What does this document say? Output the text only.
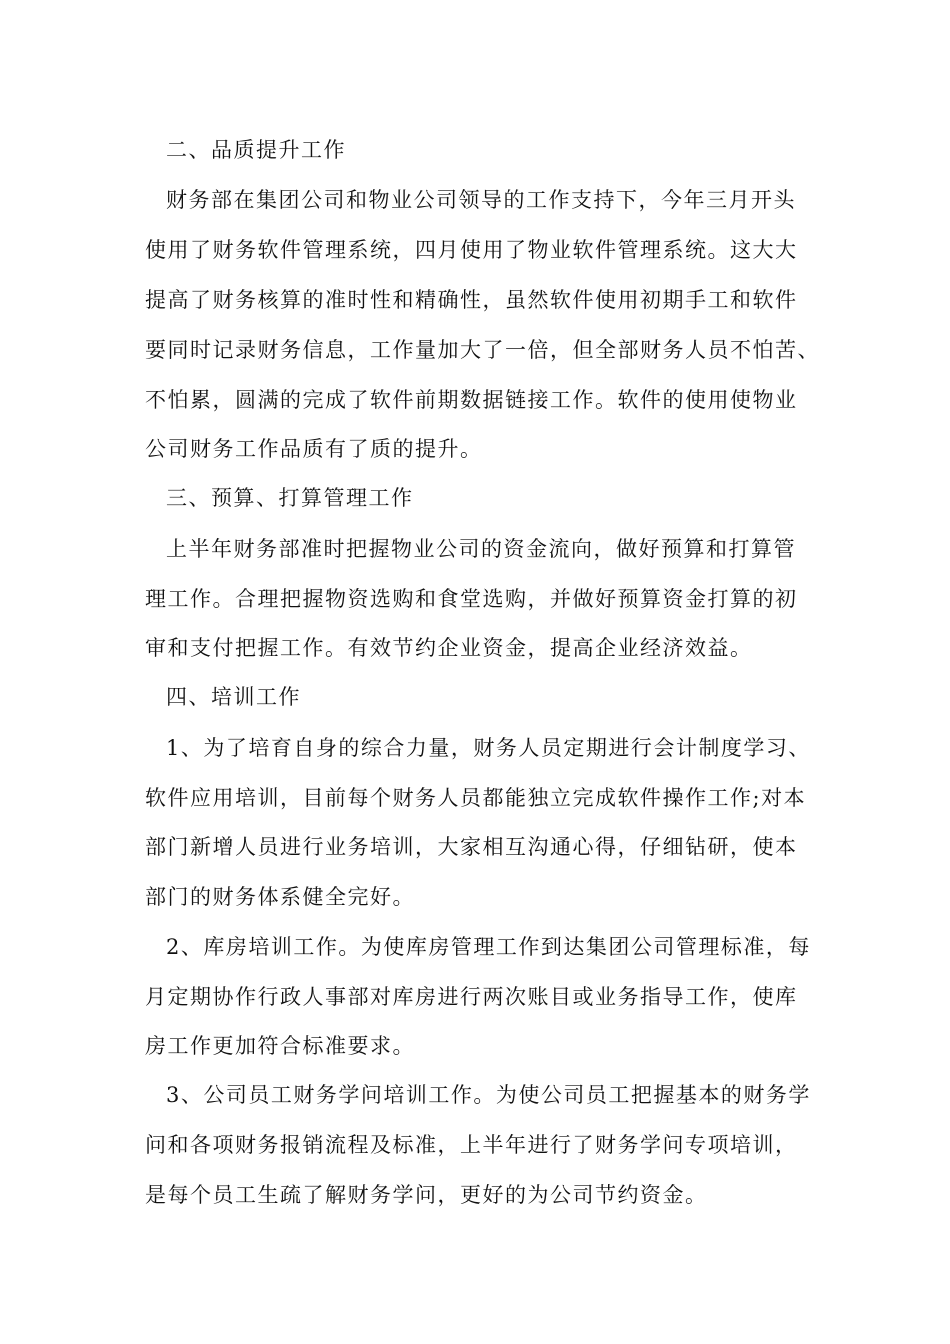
二、品质提升工作

财务部在集团公司和物业公司领导的工作支持下，今年三月开头

使用了财务软件管理系统，四月使用了物业软件管理系统。这大大

提高了财务核算的准时性和精确性，虽然软件使用初期手工和软件

要同时记录财务信息，工作量加大了一倍，但全部财务人员不怕苦、

不怕累，圆满的完成了软件前期数据链接工作。软件的使用使物业

公司财务工作品质有了质的提升。

三、预算、打算管理工作

上半年财务部准时把握物业公司的资金流向，做好预算和打算管

理工作。合理把握物资选购和食堂选购，并做好预算资金打算的初

审和支付把握工作。有效节约企业资金，提高企业经济效益。

四、培训工作

1、为了培育自身的综合力量，财务人员定期进行会计制度学习、

软件应用培训，目前每个财务人员都能独立完成软件操作工作;对本

部门新增人员进行业务培训，大家相互沟通心得，仔细钻研，使本

部门的财务体系健全完好。

2、库房培训工作。为使库房管理工作到达集团公司管理标准，每

月定期协作行政人事部对库房进行两次账目或业务指导工作，使库

房工作更加符合标准要求。

3、公司员工财务学问培训工作。为使公司员工把握基本的财务学

问和各项财务报销流程及标准，上半年进行了财务学问专项培训，

是每个员工生疏了解财务学问，更好的为公司节约资金。
